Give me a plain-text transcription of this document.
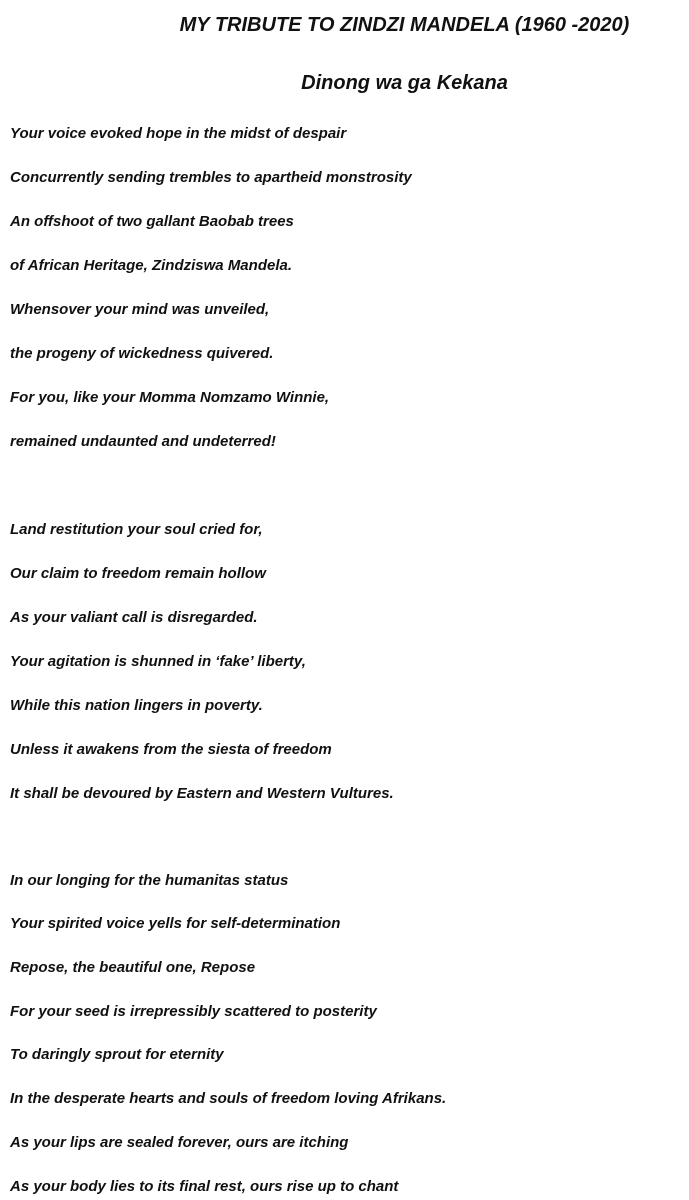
MY TRIBUTE TO ZINDZI MANDELA (1960 -2020)
Dinong wa ga Kekana

Your voice evoked hope in the midst of despair

Concurrently sending trembles to apartheid monstrosity

An offshoot of two gallant Baobab trees

of African Heritage, Zindziswa Mandela.

Whensover your mind was unveiled,

the progeny of wickedness quivered.

For you, like your Momma Nomzamo Winnie,

remained undaunted and undeterred!

Land restitution your soul cried for,

Our claim to freedom remain hollow

As your valiant call is disregarded.

Your agitation is shunned in ‘fake’ liberty,

While this nation lingers in poverty.

Unless it awakens from the siesta of freedom

It shall be devoured by Eastern and Western Vultures.

In our longing for the humanitas status

Your spirited voice yells for self-determination

Repose, the beautiful one, Repose

For your seed is irrepressibly scattered to posterity

To daringly sprout for eternity

In the desperate hearts and souls of freedom loving Afrikans.

As your lips are sealed forever, ours are itching

As your body lies to its final rest, ours rise up to chant
